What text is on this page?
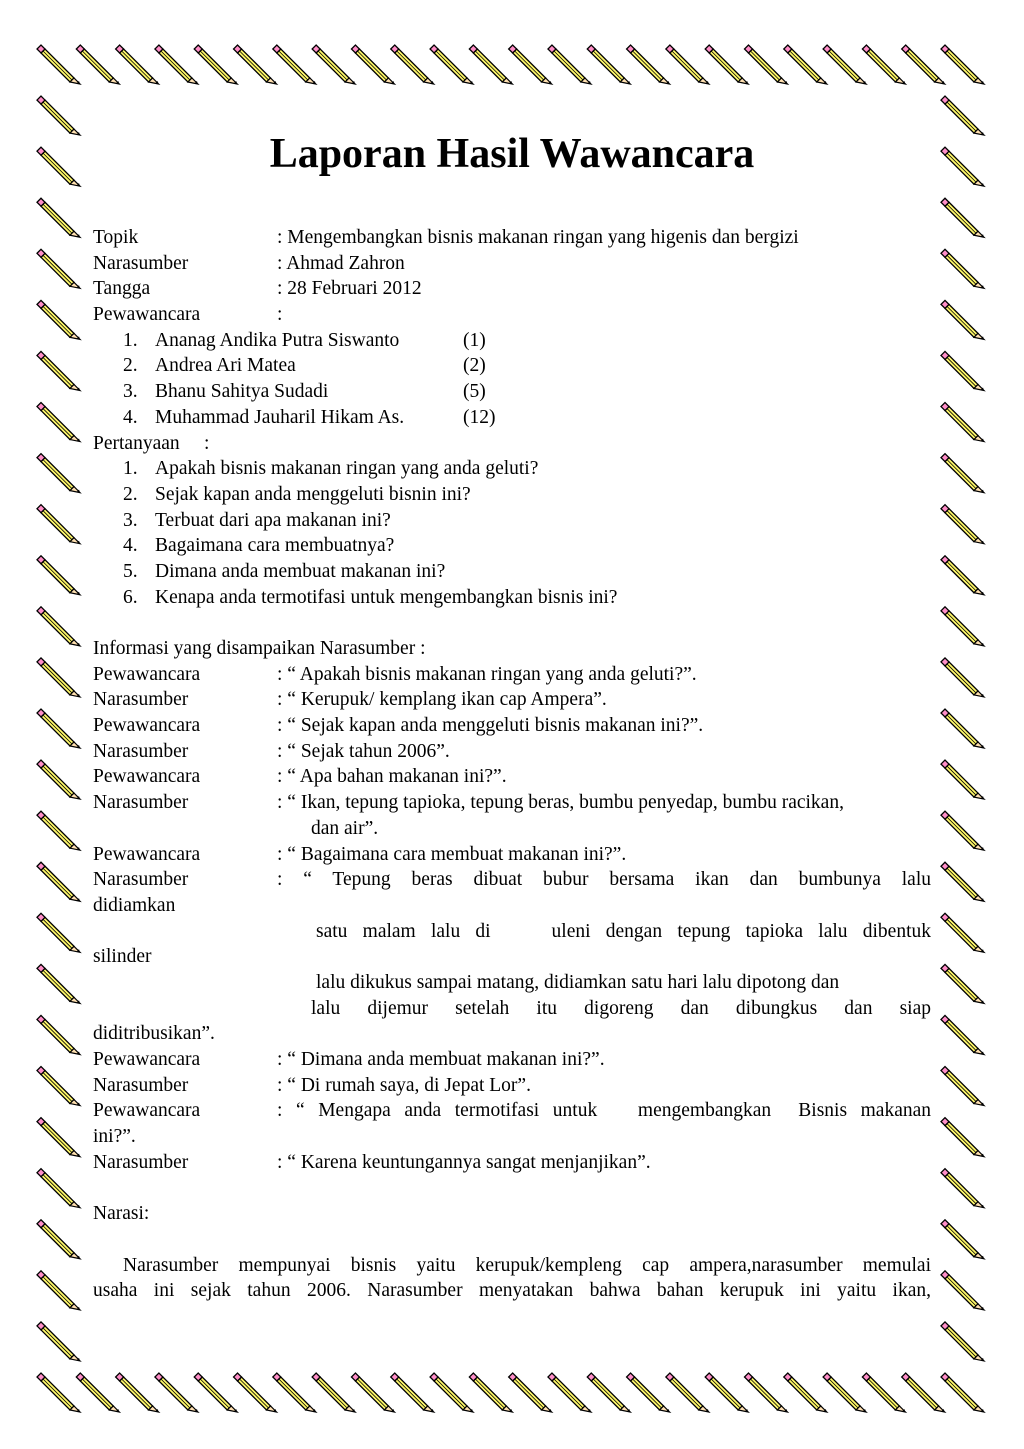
Laporan Hasil Wawancara
Topik	: Mengembangkan bisnis makanan ringan yang higenis dan bergizi
Narasumber	: Ahmad Zahron
Tangga	: 28 Februari 2012
Pewawancara	:
1. Ananag Andika Putra Siswanto	(1)
2. Andrea Ari Matea	(2)
3. Bhanu Sahitya Sudadi	(5)
4. Muhammad Jauharil Hikam As.	(12)
Pertanyaan     :
1. Apakah bisnis makanan ringan yang anda geluti?
2. Sejak kapan anda menggeluti bisnin ini?
3. Terbuat dari apa makanan ini?
4. Bagaimana cara membuatnya?
5. Dimana anda membuat makanan ini?
6. Kenapa anda termotifasi untuk mengembangkan bisnis ini?
Informasi yang disampaikan Narasumber :
Pewawancara	: “ Apakah bisnis makanan ringan yang anda geluti?”.
Narasumber	: “ Kerupuk/ kemplang ikan cap Ampera”.
Pewawancara	: “ Sejak kapan anda menggeluti bisnis makanan ini?”.
Narasumber	: “ Sejak tahun 2006”.
Pewawancara	: “ Apa bahan makanan ini?”.
Narasumber	: “ Ikan, tepung tapioka, tepung beras, bumbu penyedap, bumbu racikan,
dan air”.
Pewawancara	: “ Bagaimana cara membuat makanan ini?”.
Narasumber	: “ Tepung beras dibuat bubur bersama ikan dan bumbunya lalu
didiamkan
satu malam lalu di    uleni dengan tepung tapioka lalu dibentuk
silinder
lalu dikukus sampai matang, didiamkan satu hari lalu dipotong dan
lalu dijemur setelah itu digoreng dan dibungkus dan siap
diditribusikan”.
Pewawancara	: “ Dimana anda membuat makanan ini?”.
Narasumber	: “ Di rumah saya, di Jepat Lor”.
Pewawancara	: “ Mengapa anda termotifasi untuk   mengembangkan  Bisnis makanan
ini?”.
Narasumber	: “ Karena keuntungannya sangat menjanjikan”.
Narasi:
Narasumber mempunyai bisnis yaitu kerupuk/kempleng cap ampera,narasumber memulai
usaha ini sejak tahun 2006. Narasumber menyatakan bahwa bahan kerupuk ini yaitu ikan,
